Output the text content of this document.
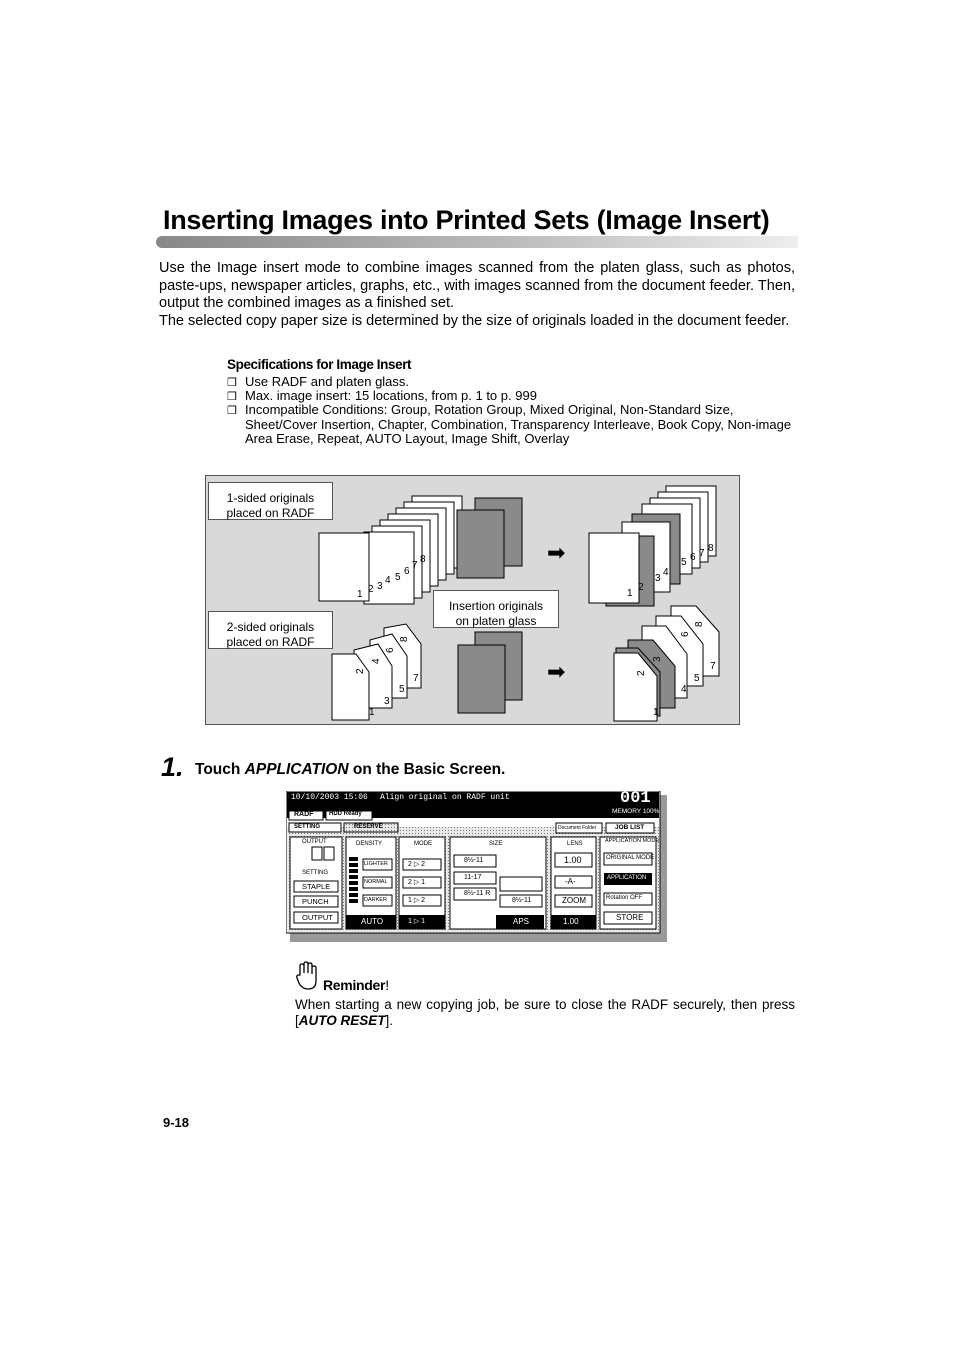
Inserting Images into Printed Sets (Image Insert)
Use the Image insert mode to combine images scanned from the platen glass, such as photos, paste-ups, newspaper articles, graphs, etc., with images scanned from the document feeder. Then, output the combined images as a finished set.
The selected copy paper size is determined by the size of originals loaded in the document feeder.
Specifications for Image Insert
❒ Use RADF and platen glass.
❒ Max. image insert: 15 locations, from p. 1 to p. 999
❒ Incompatible Conditions: Group, Rotation Group, Mixed Original, Non-Standard Size, Sheet/Cover Insertion, Chapter, Combination, Transparency Interleave, Book Copy, Non-image Area Erase, Repeat, AUTO Layout, Image Shift, Overlay
8
7
6
5
4
3
2
1
8
7
6
5
4
3
2
1
8
6
4
2
7
5
3
1
8
6
3
2
7
5
4
1
➡
➡
1-sided originals
placed on RADF
2-sided originals
placed on RADF
Insertion originals
on platen glass
1. Touch APPLICATION on the Basic Screen.
10/10/2003 15:06 Align original on RADF unit	001
MEMORY 100%
RADF	HDD Ready
SETTING	RESERVE	Document Folder	JOB LIST
OUTPUT
SETTING
STAPLE
PUNCH
OUTPUT
DENSITY
LIGHTER
NORMAL
DARKER
AUTO
MODE
2 ▷ 2
2 ▷ 1
1 ▷ 2
1 ▷ 1
SIZE
8½-11
11-17
8½-11 R
8½-11
APS
LENS
1.00
-A-
ZOOM
1.00
APPLICATION MODE
ORIGINAL MODE
APPLICATION
Rotation OFF
STORE
Reminder!
When starting a new copying job, be sure to close the RADF securely, then press [AUTO RESET].
9-18
